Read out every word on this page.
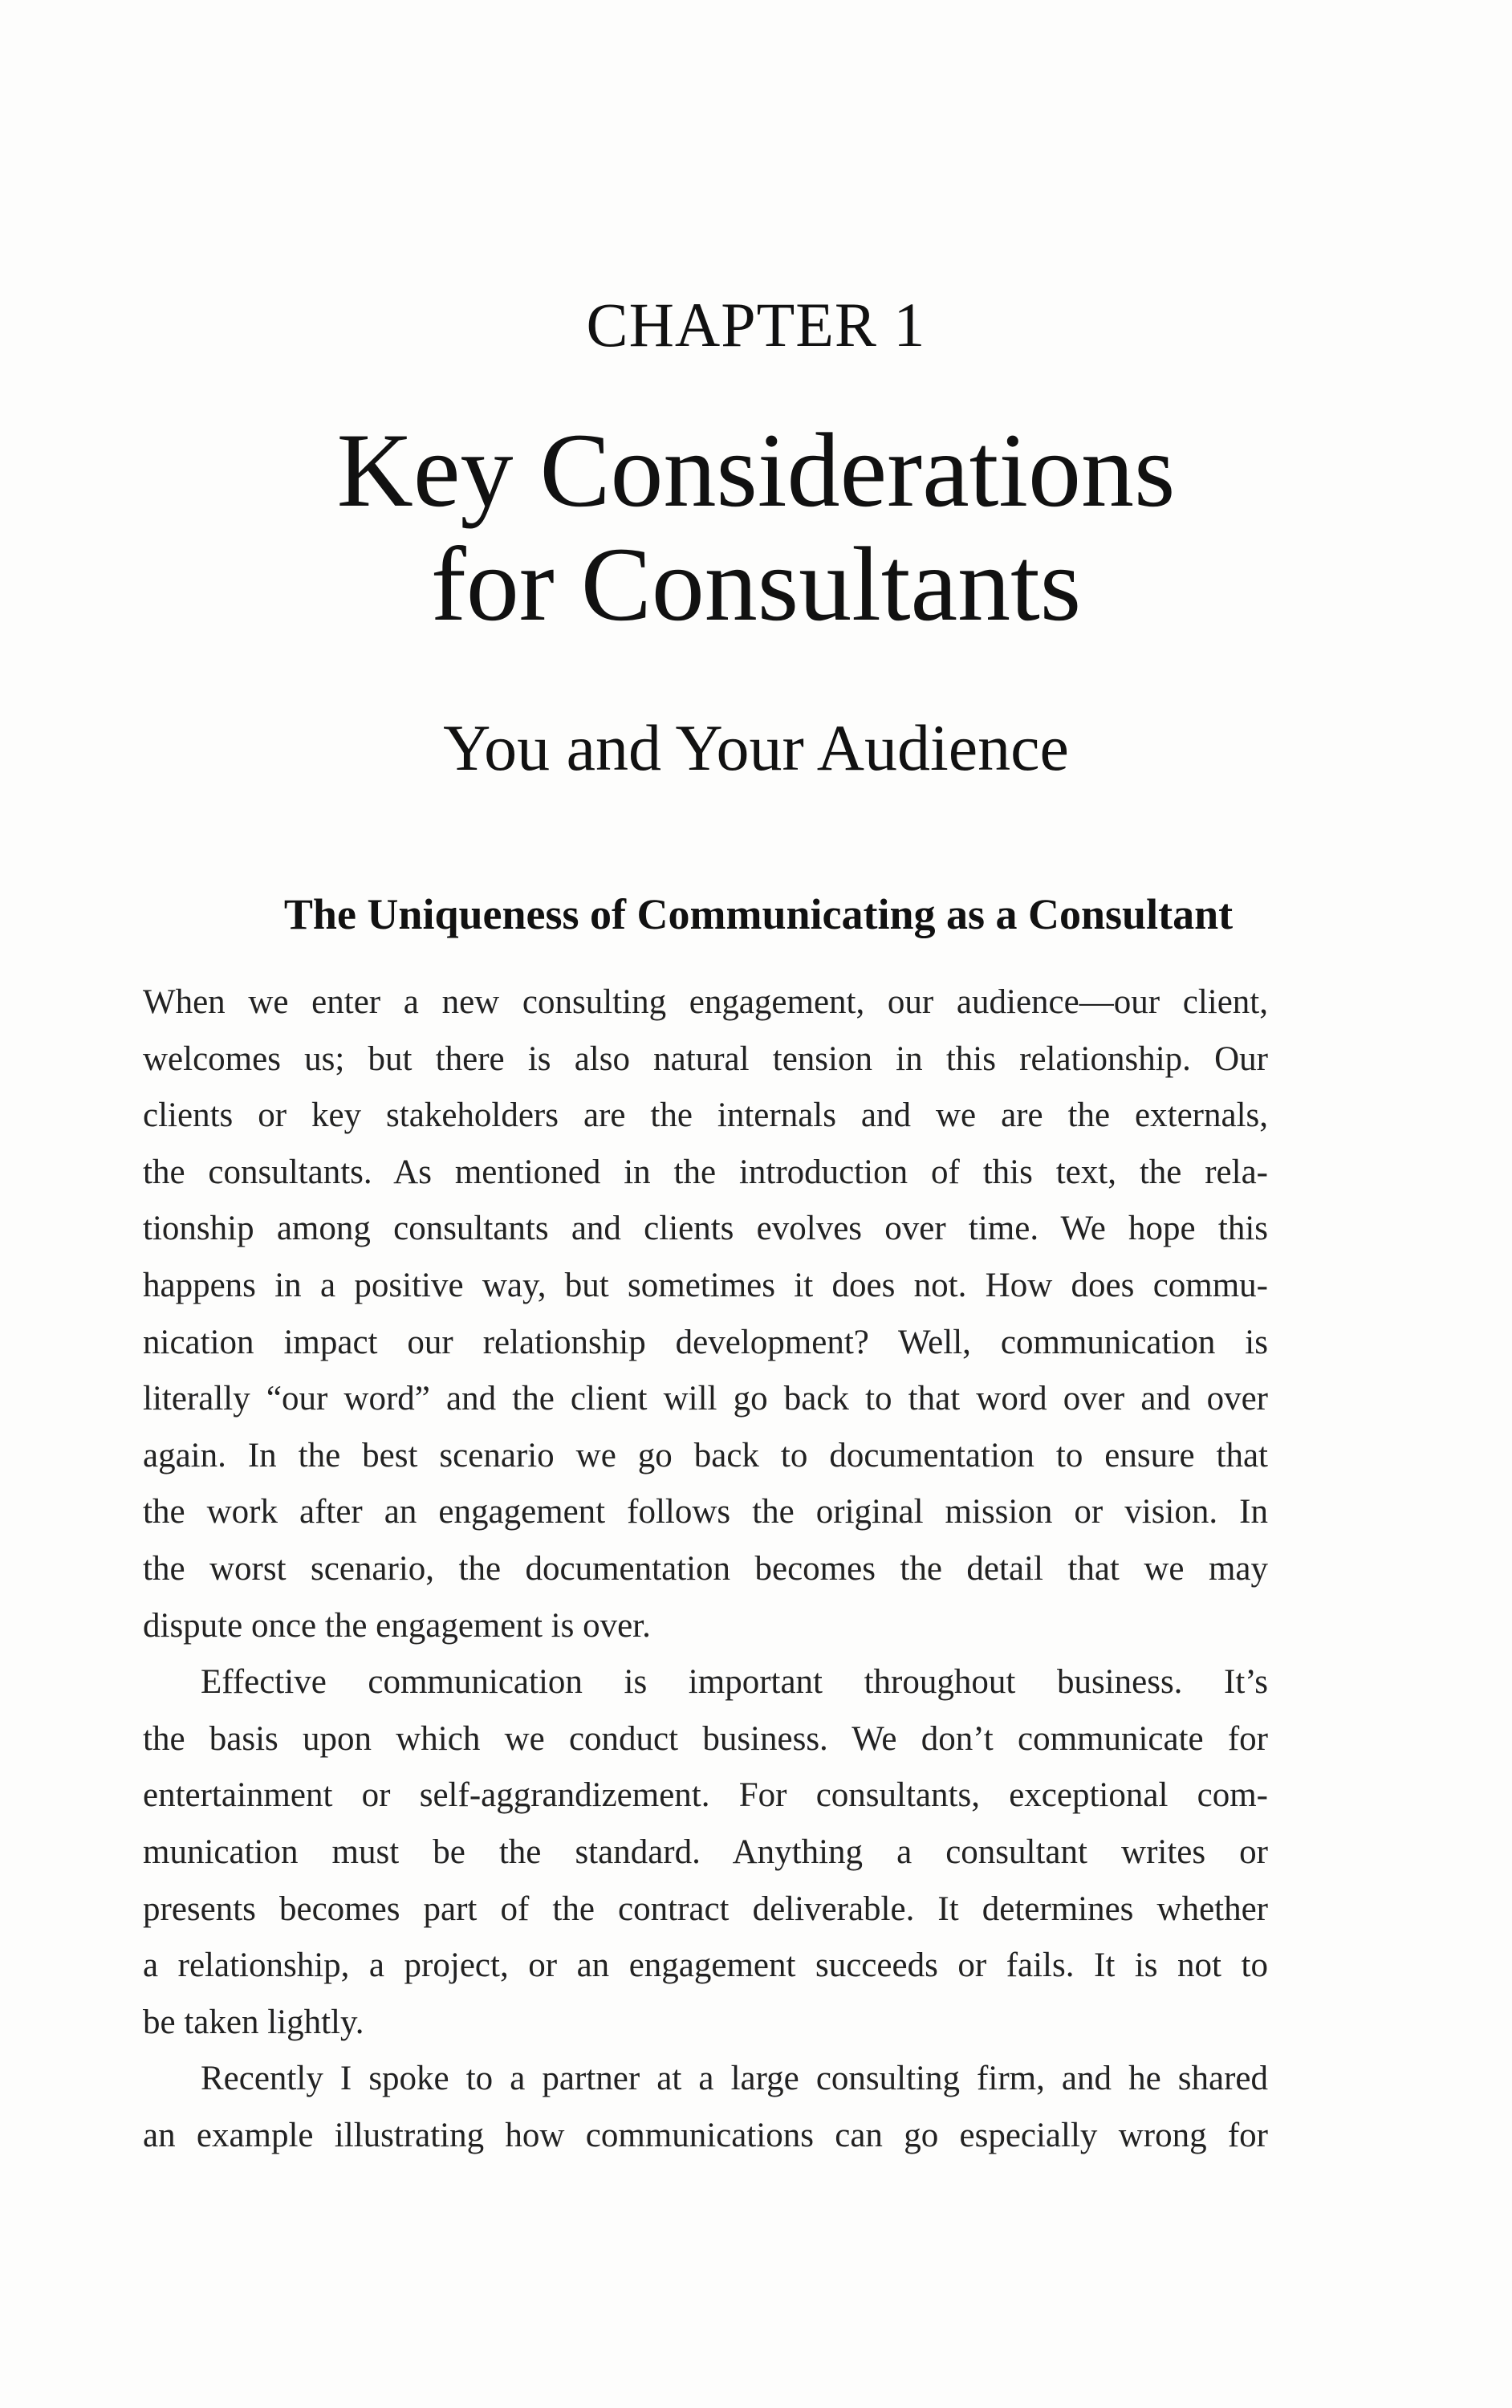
CHAPTER 1
Key Considerations
for Consultants
You and Your Audience
The Uniqueness of Communicating as a Consultant
When we enter a new consulting engagement, our audience—our client,
welcomes us; but there is also natural tension in this relationship. Our
clients or key stakeholders are the internals and we are the externals,
the consultants. As mentioned in the introduction of this text, the rela-
tionship among consultants and clients evolves over time. We hope this
happens in a positive way, but sometimes it does not. How does commu-
nication impact our relationship development? Well, communication is
literally “our word” and the client will go back to that word over and over
again. In the best scenario we go back to documentation to ensure that
the work after an engagement follows the original mission or vision. In
the worst scenario, the documentation becomes the detail that we may
dispute once the engagement is over.
Effective communication is important throughout business. It’s
the basis upon which we conduct business. We don’t communicate for
entertainment or self-aggrandizement. For consultants, exceptional com-
munication must be the standard. Anything a consultant writes or
presents becomes part of the contract deliverable. It determines whether
a relationship, a project, or an engagement succeeds or fails. It is not to
be taken lightly.
Recently I spoke to a partner at a large consulting firm, and he shared
an example illustrating how communications can go especially wrong for
